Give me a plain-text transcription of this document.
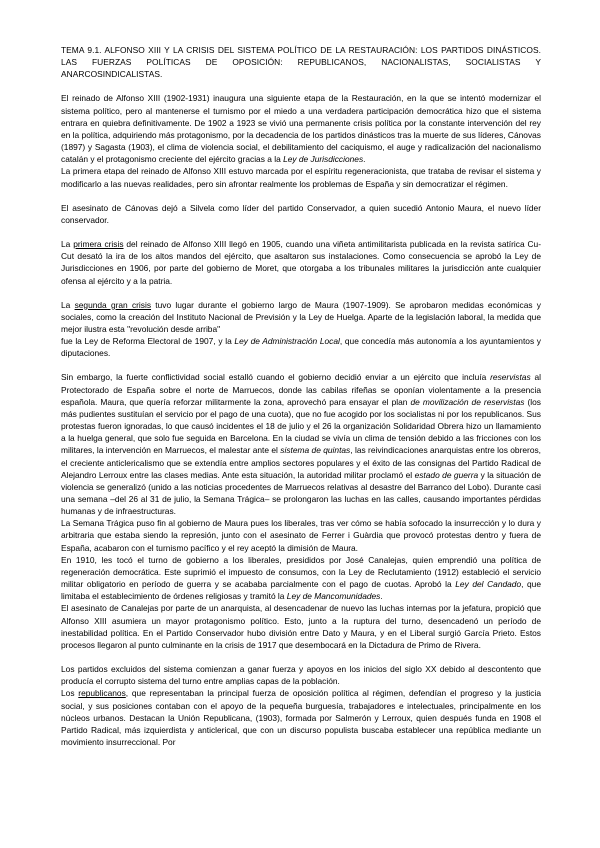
TEMA 9.1. ALFONSO XIII Y LA CRISIS DEL SISTEMA POLÍTICO DE LA RESTAURACIÓN: LOS PARTIDOS DINÁSTICOS. LAS FUERZAS POLÍTICAS DE OPOSICIÓN: REPUBLICANOS, NACIONALISTAS, SOCIALISTAS Y ANARCOSINDICALISTAS.

El reinado de Alfonso XIII (1902-1931) inaugura una siguiente etapa de la Restauración, en la que se intentó modernizar el sistema político, pero al mantenerse el turnismo por el miedo a una verdadera participación democrática hizo que el sistema entrara en quiebra definitivamente. De 1902 a 1923 se vivió una permanente crisis política por la constante intervención del rey en la política, adquiriendo más protagonismo, por la decadencia de los partidos dinásticos tras la muerte de sus líderes, Cánovas (1897) y Sagasta (1903), el clima de violencia social, el debilitamiento del caciquismo, el auge y radicalización del nacionalismo catalán y el protagonismo creciente del ejército gracias a la Ley de Jurisdicciones.

La primera etapa del reinado de Alfonso XIII estuvo marcada por el espíritu regeneracionista, que trataba de revisar el sistema y modificarlo a las nuevas realidades, pero sin afrontar realmente los problemas de España y sin democratizar el régimen.

El asesinato de Cánovas dejó a Silvela como líder del partido Conservador, a quien sucedió Antonio Maura, el nuevo líder conservador.

La primera crisis del reinado de Alfonso XIII llegó en 1905, cuando una viñeta antimilitarista publicada en la revista satírica Cu-Cut desató la ira de los altos mandos del ejército, que asaltaron sus instalaciones. Como consecuencia se aprobó la Ley de Jurisdicciones en 1906, por parte del gobierno de Moret, que otorgaba a los tribunales militares la jurisdicción ante cualquier ofensa al ejército y a la patria.

La segunda gran crisis tuvo lugar durante el gobierno largo de Maura (1907-1909). Se aprobaron medidas económicas y sociales, como la creación del Instituto Nacional de Previsión y la Ley de Huelga. Aparte de la legislación laboral, la medida que mejor ilustra esta "revolución desde arriba"
fue la Ley de Reforma Electoral de 1907, y la Ley de Administración Local, que concedía más autonomía a los ayuntamientos y diputaciones.

Sin embargo, la fuerte conflictividad social estalló cuando el gobierno decidió enviar a un ejército que incluía reservistas al Protectorado de España sobre el norte de Marruecos, donde las cabilas rifeñas se oponían violentamente a la presencia española. Maura, que quería reforzar militarmente la zona, aprovechó para ensayar el plan de movilización de reservistas (los más pudientes sustituían el servicio por el pago de una cuota), que no fue acogido por los socialistas ni por los republicanos. Sus protestas fueron ignoradas, lo que causó incidentes el 18 de julio y el 26 la organización Solidaridad Obrera hizo un llamamiento a la huelga general, que solo fue seguida en Barcelona. En la ciudad se vivía un clima de tensión debido a las fricciones con los militares, la intervención en Marruecos, el malestar ante el sistema de quintas, las reivindicaciones anarquistas entre los obreros, el creciente anticlericalismo que se extendía entre amplios sectores populares y el éxito de las consignas del Partido Radical de Alejandro Lerroux entre las clases medias. Ante esta situación, la autoridad militar proclamó el estado de guerra y la situación de violencia se generalizó (unido a las noticias procedentes de Marruecos relativas al desastre del Barranco del Lobo). Durante casi una semana –del 26 al 31 de julio, la Semana Trágica– se prolongaron las luchas en las calles, causando importantes pérdidas humanas y de infraestructuras.

La Semana Trágica puso fin al gobierno de Maura pues los liberales, tras ver cómo se había sofocado la insurrección y lo dura y arbitraria que estaba siendo la represión, junto con el asesinato de Ferrer i Guàrdia que provocó protestas dentro y fuera de España, acabaron con el turnismo pacífico y el rey aceptó la dimisión de Maura.

En 1910, les tocó el turno de gobierno a los liberales, presididos por José Canalejas, quien emprendió una política de regeneración democrática. Este suprimió el impuesto de consumos, con la Ley de Reclutamiento (1912) estableció el servicio militar obligatorio en período de guerra y se acababa parcialmente con el pago de cuotas. Aprobó la Ley del Candado, que limitaba el establecimiento de órdenes religiosas y tramitó la Ley de Mancomunidades.

El asesinato de Canalejas por parte de un anarquista, al desencadenar de nuevo las luchas internas por la jefatura, propició que Alfonso XIII asumiera un mayor protagonismo político. Esto, junto a la ruptura del turno, desencadenó un período de inestabilidad política. En el Partido Conservador hubo división entre Dato y Maura, y en el Liberal surgió García Prieto. Estos procesos llegaron al punto culminante en la crisis de 1917 que desembocará en la Dictadura de Primo de Rivera.

Los partidos excluidos del sistema comienzan a ganar fuerza y apoyos en los inicios del siglo XX debido al descontento que producía el corrupto sistema del turno entre amplias capas de la población.

Los republicanos, que representaban la principal fuerza de oposición política al régimen, defendían el progreso y la justicia social, y sus posiciones contaban con el apoyo de la pequeña burguesía, trabajadores e intelectuales, principalmente en los núcleos urbanos. Destacan la Unión Republicana, (1903), formada por Salmerón y Lerroux, quien después funda en 1908 el Partido Radical, más izquierdista y anticlerical, que con un discurso populista buscaba establecer una república mediante un movimiento insurreccional. Por
